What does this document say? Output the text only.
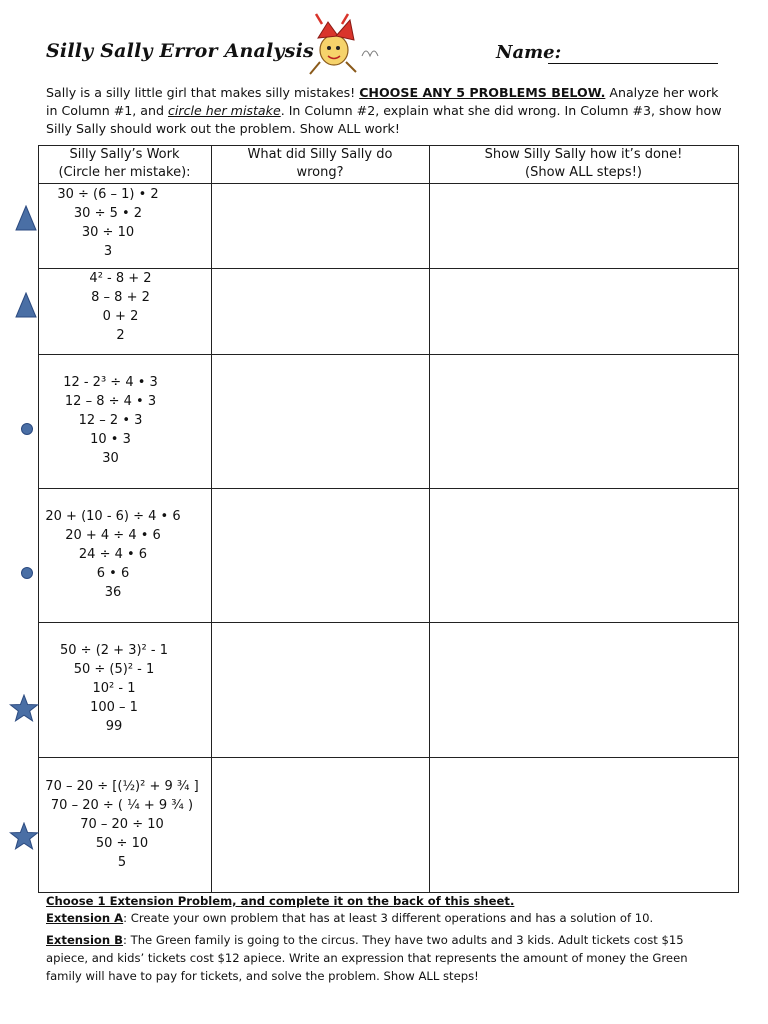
Silly Sally Error Analysis	Name:
Sally is a silly little girl that makes silly mistakes! CHOOSE ANY 5 PROBLEMS BELOW. Analyze her work in Column #1, and circle her mistake. In Column #2, explain what she did wrong. In Column #3, show how Silly Sally should work out the problem. Show ALL work!
Silly Sally’s Work
(Circle her mistake):
What did Silly Sally do
wrong?
Show Silly Sally how it’s done!
(Show ALL steps!)
30 ÷ (6 – 1) • 2
30 ÷ 5 • 2
30 ÷ 10
3
4² - 8 + 2
8 – 8 + 2
0 + 2
2
12 - 2³ ÷ 4 • 3
12 – 8 ÷ 4 • 3
12 – 2 • 3
10 • 3
30
20 + (10 - 6) ÷ 4 • 6
20 + 4 ÷ 4 • 6
24 ÷ 4 • 6
6 • 6
36
50 ÷ (2 + 3)² - 1
50 ÷ (5)² - 1
10² - 1
100 – 1
99
70 – 20 ÷ [(½)² + 9 ¾ ]
70 – 20 ÷ ( ¼ + 9 ¾ )
70 – 20 ÷ 10
50 ÷ 10
5
Choose 1 Extension Problem, and complete it on the back of this sheet.
Extension A: Create your own problem that has at least 3 different operations and has a solution of 10.
Extension B: The Green family is going to the circus. They have two adults and 3 kids. Adult tickets cost $15 apiece, and kids’ tickets cost $12 apiece. Write an expression that represents the amount of money the Green family will have to pay for tickets, and solve the problem. Show ALL steps!
